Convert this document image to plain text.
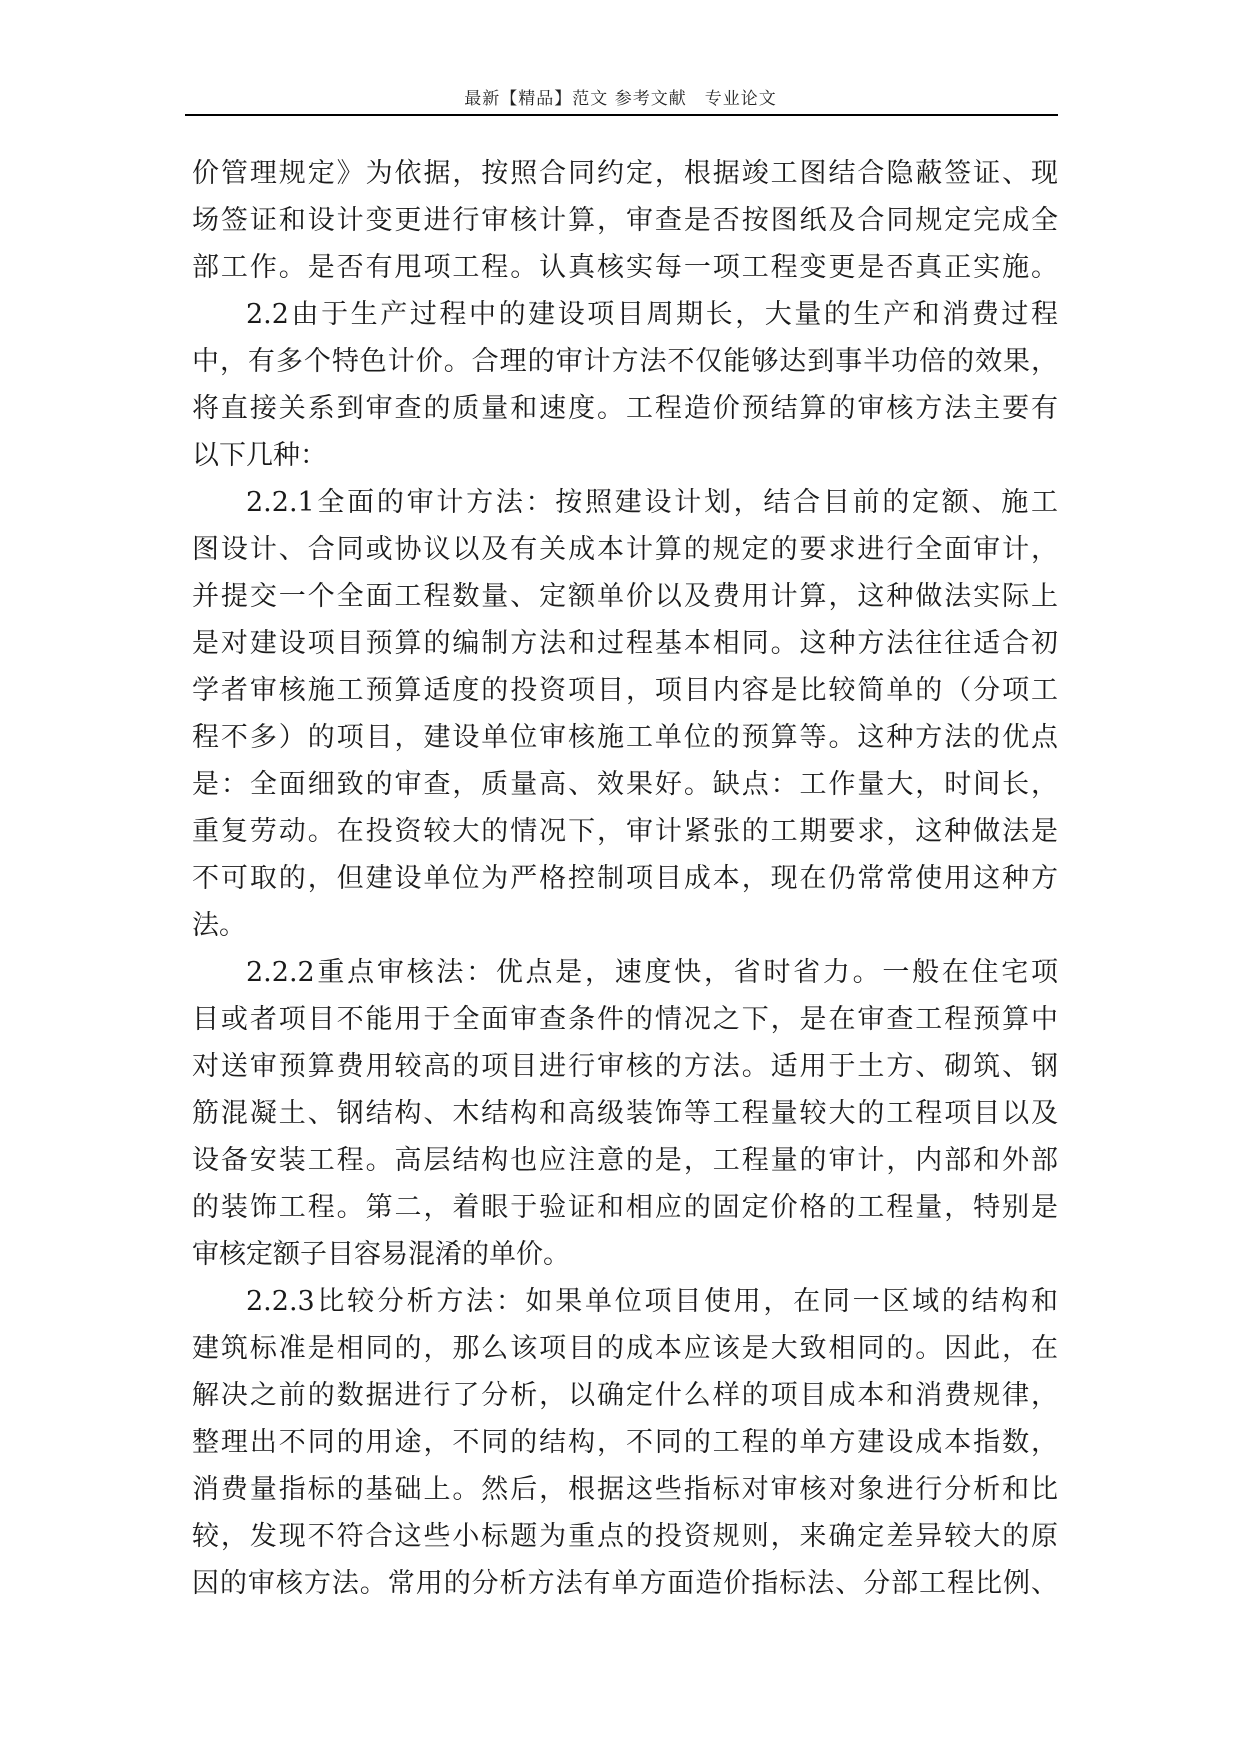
最新【精品】范文 参考文献　专业论文
价管理规定》为依据，按照合同约定，根据竣工图结合隐蔽签证、现
场签证和设计变更进行审核计算，审查是否按图纸及合同规定完成全
部工作。是否有甩项工程。认真核实每一项工程变更是否真正实施。
2.2由于生产过程中的建设项目周期长，大量的生产和消费过程
中，有多个特色计价。合理的审计方法不仅能够达到事半功倍的效果，
将直接关系到审查的质量和速度。工程造价预结算的审核方法主要有
以下几种：
2.2.1全面的审计方法：按照建设计划，结合目前的定额、施工
图设计、合同或协议以及有关成本计算的规定的要求进行全面审计，
并提交一个全面工程数量、定额单价以及费用计算，这种做法实际上
是对建设项目预算的编制方法和过程基本相同。这种方法往往适合初
学者审核施工预算适度的投资项目，项目内容是比较简单的（分项工
程不多）的项目，建设单位审核施工单位的预算等。这种方法的优点
是：全面细致的审查，质量高、效果好。缺点：工作量大，时间长，
重复劳动。在投资较大的情况下，审计紧张的工期要求，这种做法是
不可取的，但建设单位为严格控制项目成本，现在仍常常使用这种方
法。
2.2.2重点审核法：优点是，速度快，省时省力。一般在住宅项
目或者项目不能用于全面审查条件的情况之下，是在审查工程预算中
对送审预算费用较高的项目进行审核的方法。适用于土方、砌筑、钢
筋混凝土、钢结构、木结构和高级装饰等工程量较大的工程项目以及
设备安装工程。高层结构也应注意的是，工程量的审计，内部和外部
的装饰工程。第二，着眼于验证和相应的固定价格的工程量，特别是
审核定额子目容易混淆的单价。
2.2.3比较分析方法：如果单位项目使用，在同一区域的结构和
建筑标准是相同的，那么该项目的成本应该是大致相同的。因此，在
解决之前的数据进行了分析，以确定什么样的项目成本和消费规律，
整理出不同的用途，不同的结构，不同的工程的单方建设成本指数，
消费量指标的基础上。然后，根据这些指标对审核对象进行分析和比
较，发现不符合这些小标题为重点的投资规则，来确定差异较大的原
因的审核方法。常用的分析方法有单方面造价指标法、分部工程比例、
